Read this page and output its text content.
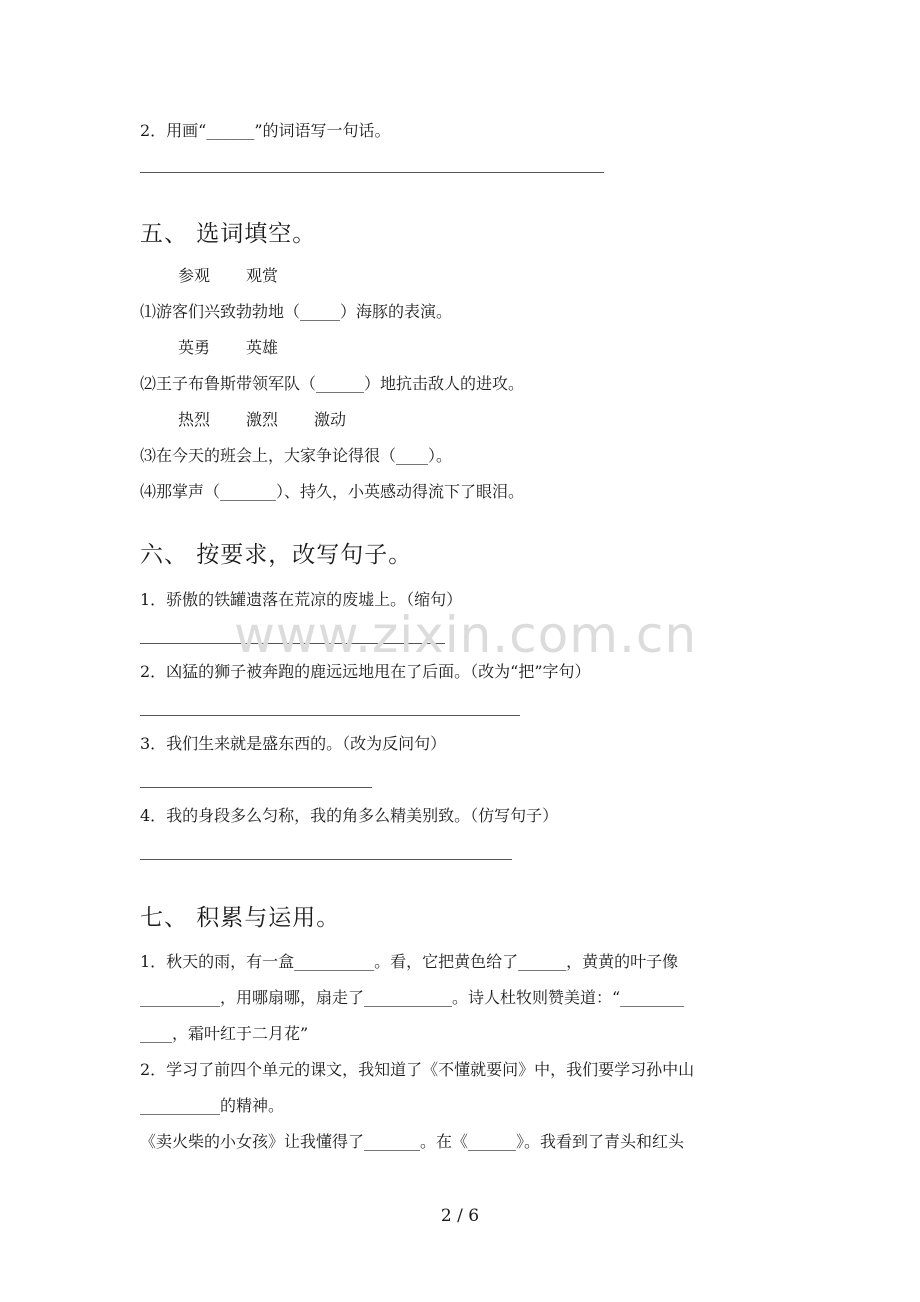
2．用画“______”的词语写一句话。
五、 选词填空。
参观 观赏
⑴游客们兴致勃勃地（_____）海豚的表演。
英勇 英雄
⑵王子布鲁斯带领军队（______）地抗击敌人的进攻。
热烈 激烈 激动
⑶在今天的班会上，大家争论得很（____）。
⑷那掌声（_______）、持久，小英感动得流下了眼泪。
六、 按要求，改写句子。
1．骄傲的铁罐遗落在荒凉的废墟上。（缩句）
2．凶猛的狮子被奔跑的鹿远远地甩在了后面。（改为“把”字句）
3．我们生来就是盛东西的。（改为反问句）
4．我的身段多么匀称，我的角多么精美别致。（仿写句子）
七、 积累与运用。
1．秋天的雨，有一盒__________。看，它把黄色给了______，黄黄的叶子像
__________，用哪扇哪，扇走了___________。诗人杜牧则赞美道：“________
____，霜叶红于二月花”
2．学习了前四个单元的课文，我知道了《不懂就要问》中，我们要学习孙中山
__________的精神。
《卖火柴的小女孩》让我懂得了_______。在《______》。我看到了青头和红头
www.zixin.com.cn
2 / 6
